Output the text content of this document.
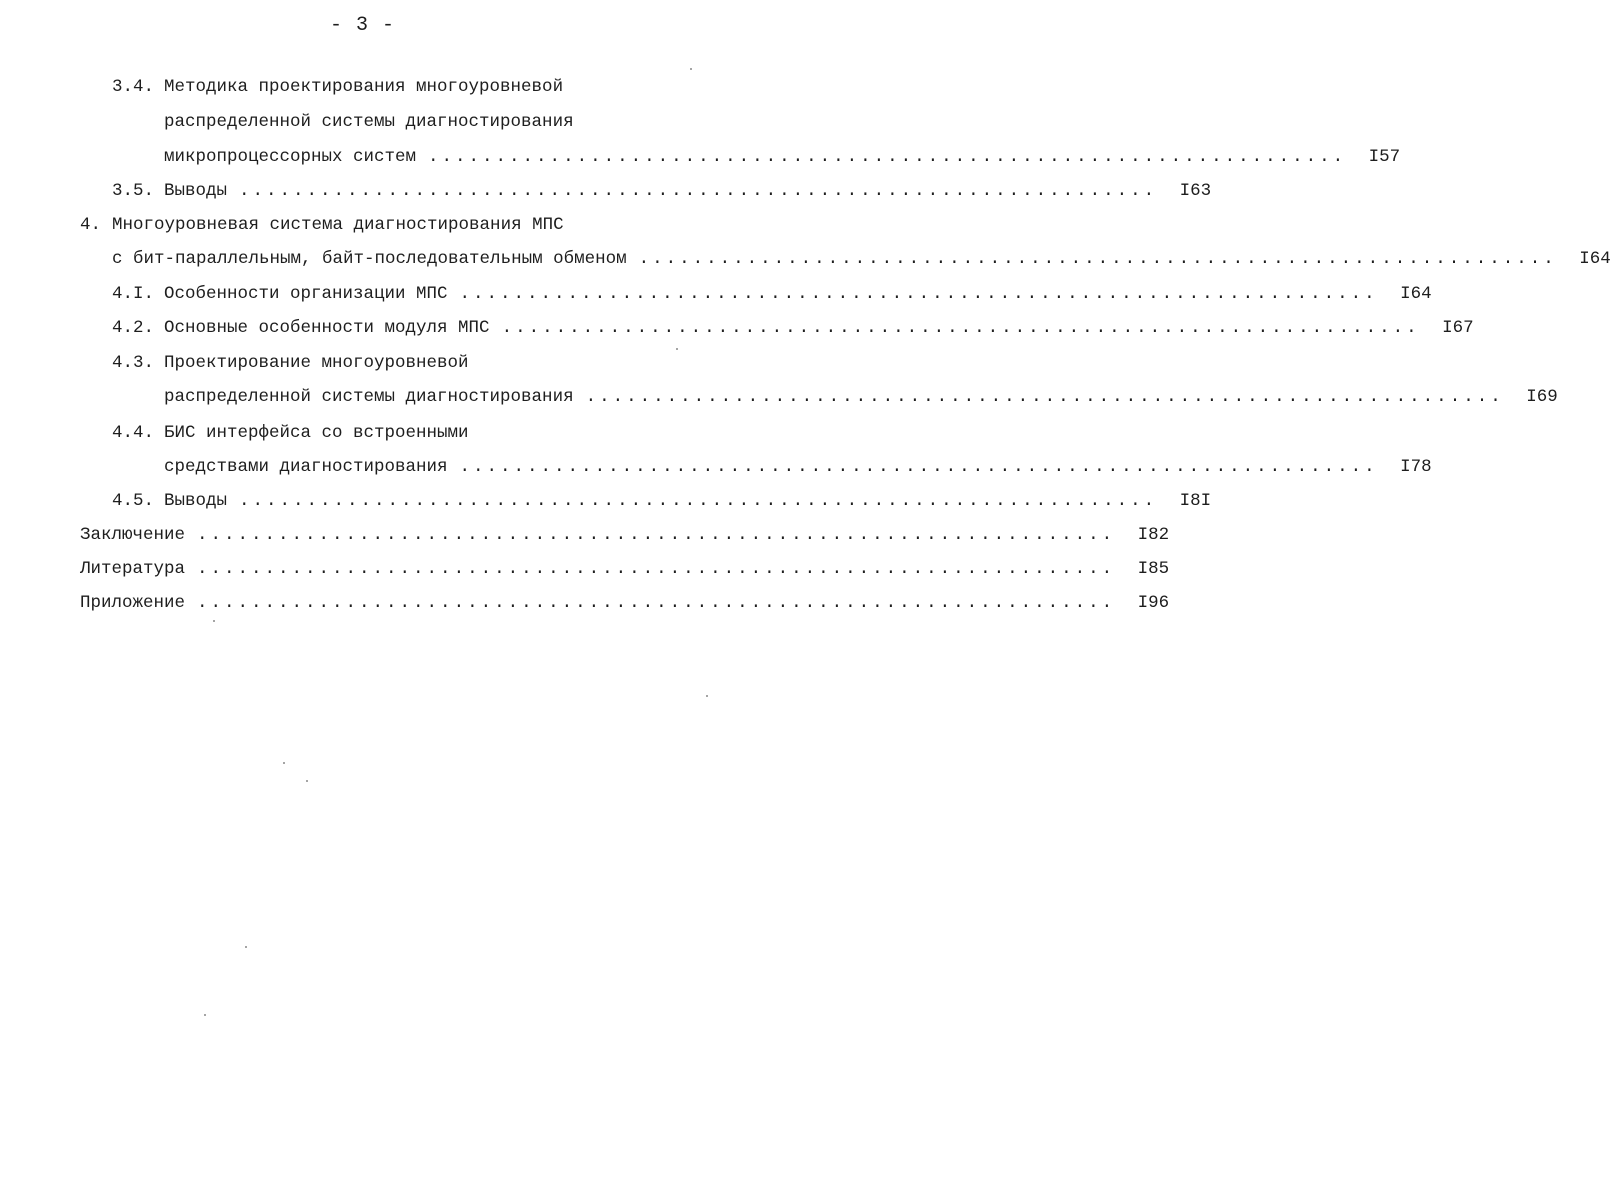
- 3 -
3.4. Методика проектирования многоуровневой
распределенной системы диагностирования
микропроцессорных систем .................................................................... I57
3.5. Выводы .................................................................... I63
4. Многоуровневая система диагностирования МПС
с бит-параллельным, байт-последовательным обменом .................................................................... I64
4.I. Особенности организации МПС .................................................................... I64
4.2. Основные особенности модуля МПС .................................................................... I67
4.3. Проектирование многоуровневой
распределенной системы диагностирования .................................................................... I69
4.4. БИС интерфейса со встроенными
средствами диагностирования .................................................................... I78
4.5. Выводы .................................................................... I8I
Заключение .................................................................... I82
Литература .................................................................... I85
Приложение .................................................................... I96
